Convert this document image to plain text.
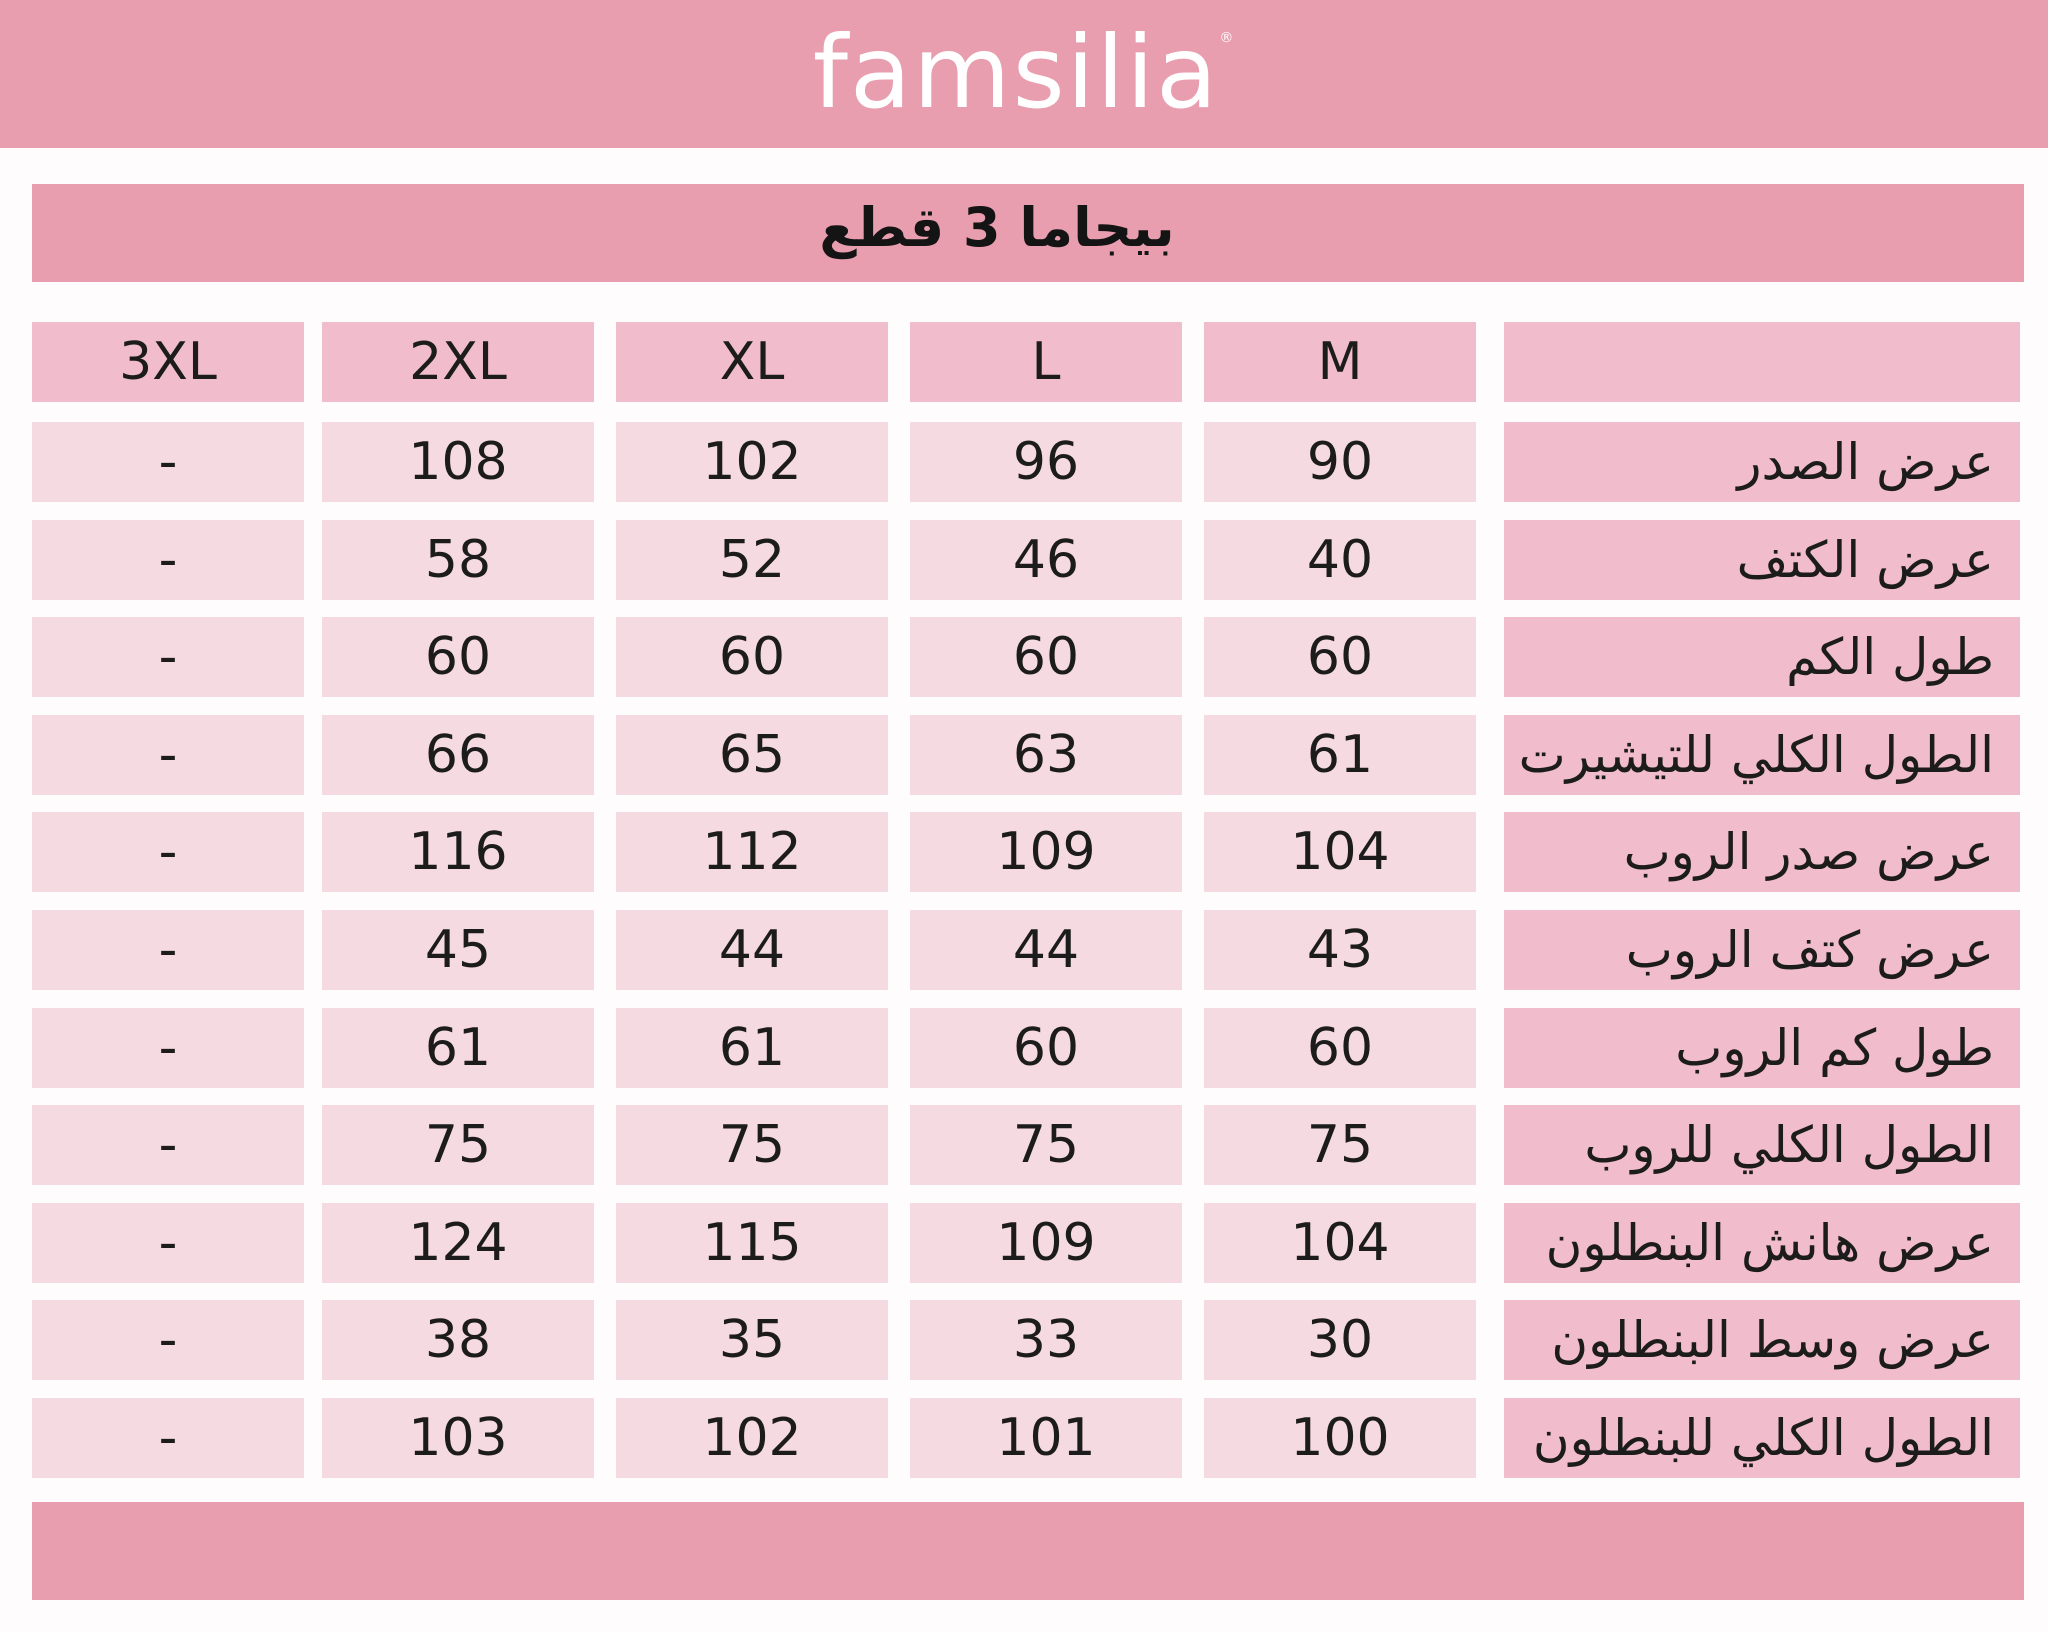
famsilia®
بيجاما 3 قطع
3XL	2XL	XL	L	M
-	108	102	96	90	عرض الصدر
-	58	52	46	40	عرض الكتف
-	60	60	60	60	طول الكم
-	66	65	63	61	الطول الكلي للتيشيرت
-	116	112	109	104	عرض صدر الروب
-	45	44	44	43	عرض كتف الروب
-	61	61	60	60	طول كم الروب
-	75	75	75	75	الطول الكلي للروب
-	124	115	109	104	عرض هانش البنطلون
-	38	35	33	30	عرض وسط البنطلون
-	103	102	101	100	الطول الكلي للبنطلون
